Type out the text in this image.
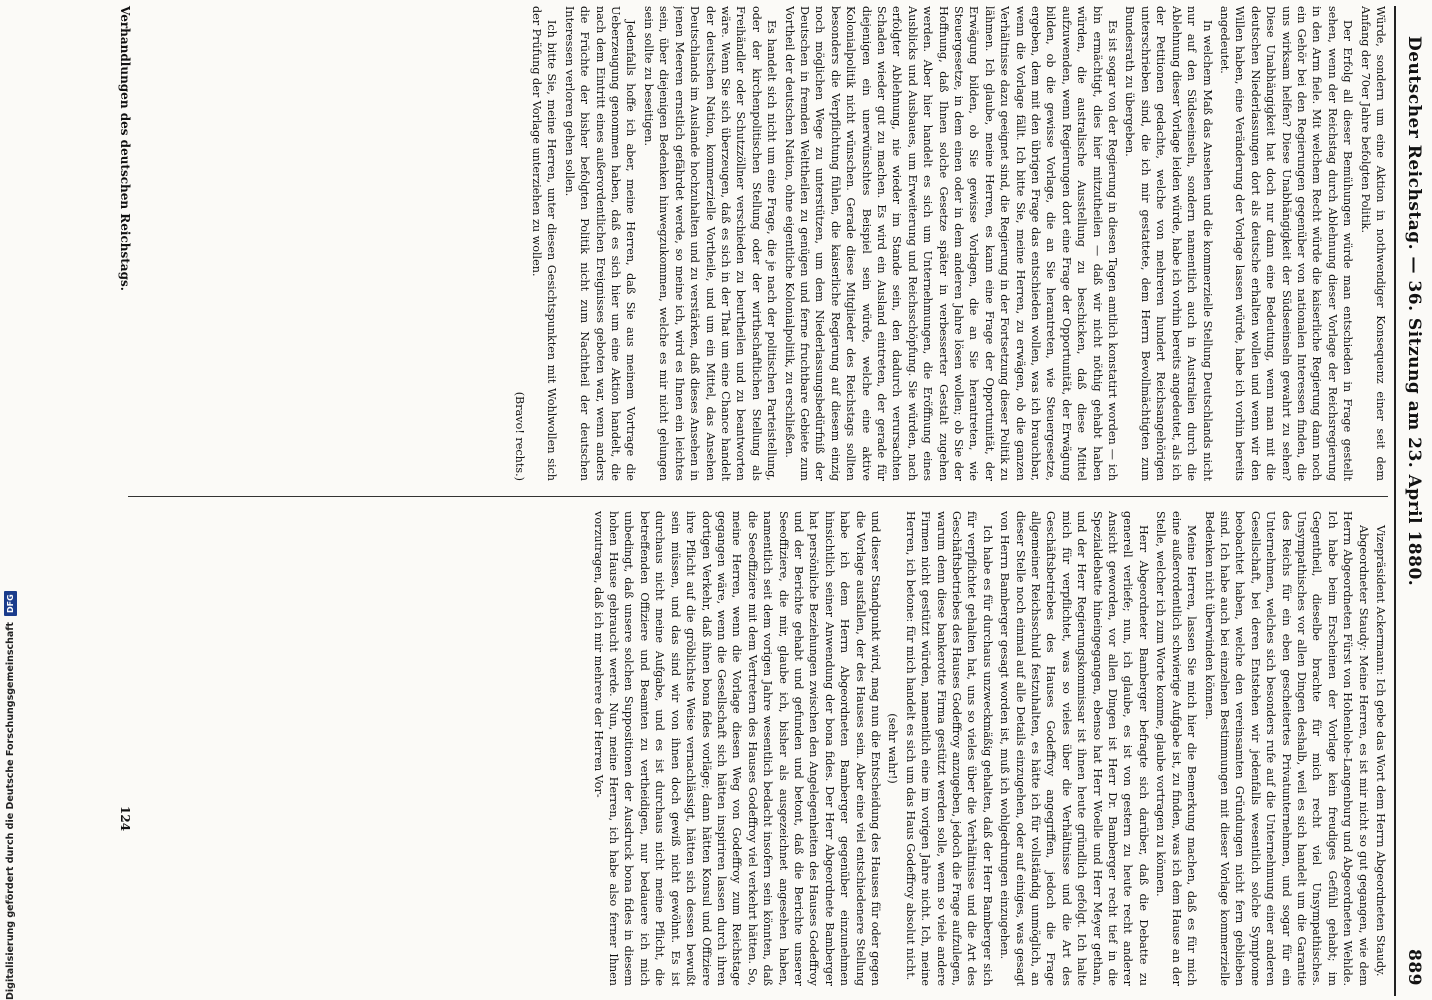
Deutscher Reichstag. — 36. Sitzung am 23. April 1880.
889

Würde, sondern um eine Aktion in nothwendiger Konsequenz einer seit dem Anfang der 70er Jahre befolgten Politik.

Der Erfolg all dieser Bemühungen würde man entschieden in Frage gestellt sehen, wenn der Reichstag durch Ablehnung dieser Vorlage der Reichsregierung in den Arm fiele. Mit welchem Recht würde die kaiserliche Regierung dann noch ein Gehör bei den Regierungen gegenüber von nationalen Interessen finden, die uns wirksam helfen? Diese Unabhängigkeit der Südseeinseln gewahrt zu sehen? Diese Unabhängigkeit hat doch nur dann eine Bedeutung, wenn man mit die deutschen Niederlassungen dort als deutsche erhalten wollen und wenn wir den Willen haben, eine Veränderung der Vorlage lassen würde, habe ich vorhin bereits angedeutet.

In welchem Maß das Ansehen und die kommerzielle Stellung Deutschlands nicht nur auf den Südseeinseln, sondern namentlich auch in Australien durch die Ablehnung dieser Vorlage leiden würde, habe ich vorhin bereits angedeutet, als ich der Petitionen gedachte, welche von mehreren hundert Reichsangehörigen unterschrieben sind, die ich mir gestattete, dem Herrn Bevollmächtigten zum Bundesrath zu übergeben.

Es ist sogar von der Regierung in diesen Tagen amtlich konstatirt worden — ich bin ermächtigt, dies hier mitzutheilen — daß wir nicht nöthig gehabt haben würden, die australische Ausstellung zu beschicken, daß diese Mittel aufzuwenden, wenn Regierungen dort eine Frage der Opportunität, der Erwägung bilden, ob die gewisse Vorlage, die an Sie herantreten, wie Steuergesetze, ergeben, dem mit den übrigen Frage das entschieden wollen, was ich brauchbar, wenn die Vorlage fällt. Ich bitte Sie, meine Herren, zu erwägen, ob die ganzen Verhältnisse dazu geeignet sind, die Regierung in der Fortsetzung dieser Politik zu lähmen. Ich glaube, meine Herren, es kann eine Frage der Opportunität, der Erwägung bilden, ob Sie gewisse Vorlagen, die an Sie herantreten, wie Steuergesetze, in dem einen oder in dem anderen Jahre lösen wollen; ob Sie der Hoffnung, daß Ihnen solche Gesetze später in verbesserter Gestalt zugehen werden. Aber hier handelt es sich um Unternehmungen, die Eröffnung eines Ausblicks und Ausbaues, um Erweiterung und Reichsschöpfung. Sie würden, nach erfolgter Ablehnung, nie wieder im Stande sein, den dadurch verursachten Schaden wieder gut zu machen. Es wird ein Ausland eintreten, der gerade für diejenigen ein unerwünschtes Beispiel sein würde, welche eine aktive Kolonialpolitik nicht wünschen. Gerade diese Mitglieder des Reichstags sollten besonders die Verpflichtung fühlen, die kaiserliche Regierung auf diesem einzig noch möglichen Wege zu unterstützen, um dem Niederlassungsbedürfniß der Deutschen in fremden Welttheilen zu genügen und ferne fruchtbare Gebiete zum Vortheil der deutschen Nation, ohne eigentliche Kolonialpolitik, zu erschließen.

Es handelt sich nicht um eine Frage, die je nach der politischen Parteistellung, oder der kirchenpolitischen Stellung oder der wirthschaftlichen Stellung als Freihändler oder Schutzzöllner verschieden zu beurtheilen und zu beantworten wäre. Wenn Sie sich überzeugen, daß es sich in der That um eine Chance handelt der deutschen Nation, kommerzielle Vortheile, und um ein Mittel, das Ansehen Deutschlands im Auslande hochzuhalten und zu verstärken, daß dieses Ansehen in jenen Meeren ernstlich gefährdet werde, so meine ich, wird es Ihnen ein leichtes sein, über diejenigen Bedenken hinwegzukommen, welche es mir nicht gelungen sein sollte zu beseitigen.

Jedenfalls hoffe ich aber, meine Herren, daß Sie aus meinem Vortrage die Ueberzeugung genommen haben, daß es sich hier um eine Aktion handelt, die nach dem Eintritt eines außerordentlichen Ereignisses geboten war, wenn anders die Früchte der bisher befolgten Politik nicht zum Nachtheil der deutschen Interessen verloren gehen sollen.

Ich bitte Sie, meine Herren, unter diesen Gesichtspunkten mit Wohlwollen sich der Prüfung der Vorlage unterziehen zu wollen.

(Bravo! rechts.)

Vizepräsident Ackermann: Ich gebe das Wort dem Herrn Abgeordneten Staudy.

Abgeordneter Staudy: Meine Herren, es ist mir nicht so gut gegangen, wie dem Herrn Abgeordneten Fürst von Hohenlohe-Langenburg und Abgeordneten Wehlde. Ich habe beim Erscheinen der Vorlage kein freudiges Gefühl gehabt; im Gegentheil, dieselbe brachte für mich recht viel Unsympathisches. Unsympathisches vor allen Dingen deshalb, weil es sich handelt um die Garantie des Reichs für ein eben gescheitertes Privatunternehmen, und sogar für ein Unternehmen, welches sich besonders rufe auf die Unternehmung einer anderen Gesellschaft, bei deren Entstehen wir jedenfalls wesentlich solche Symptome beobachtet haben, welche den vereinsamten Gründungen nicht fern geblieben sind. Ich habe auch bei einzelnen Bestimmungen mit dieser Vorlage kommerzielle Bedenken nicht überwinden können.

Meine Herren, lassen Sie mich hier die Bemerkung machen, daß es für mich eine außerordentlich schwierige Aufgabe ist, zu finden, was ich dem Hause an der Stelle, welcher ich zum Worte komme, glaube vortragen zu können.

Herr Abgeordneter Bamberger befragte sich darüber, daß die Debatte zu generell verliefe; nun, ich glaube, es ist von gestern zu heute recht anderer Ansicht geworden, vor allen Dingen ist Herr Dr. Bamberger recht tief in die Spezialdebatte hineingegangen, ebenso hat Herr Woelle und Herr Meyer gethan, und der Herr Regierungskommissar ist ihnen heute gründlich gefolgt. Ich halte mich für verpflichtet, was so vieles über die Verhältnisse und die Art des Geschäftsbetriebes des Hauses Godeffroy angegriffen, jedoch die Frage allgemeiner Reichsschuld festzuhalten, es hätte ich für vollständig unmöglich, an dieser Stelle noch einmal auf alle Details einzugehen, oder auf einiges, was gesagt von Herrn Bamberger gesagt worden ist, muß ich wohlgedrungen einzugehen.

Ich habe es für durchaus unzweckmäßig gehalten, daß der Herr Bamberger sich für verpflichtet gehalten hat, uns so vieles über die Verhältnisse und die Art des Geschäftsbetriebes des Hauses Godeffroy anzugeben, jedoch die Frage aufzulegen, warum denn diese bankerotte Firma gestützt werden solle, wenn so viele andere Firmen nicht gestützt würden, namentlich eine im vorigen Jahre nicht. Ich, meine Herren, ich betone: für mich handelt es sich um das Haus Godeffroy absolut nicht.

(sehr wahr!)

und dieser Standpunkt wird, mag nun die Entscheidung des Hauses für oder gegen die Vorlage ausfallen, der des Hauses sein. Aber eine viel entschiedenere Stellung habe ich dem Herrn Abgeordneten Bamberger gegenüber einzunehmen hinsichtlich seiner Anwendung der bona fides. Der Herr Abgeordnete Bamberger hat persönliche Beziehungen zwischen den Angelegenheiten des Hauses Godeffroy und der Berichte gehabt und gefunden und betont, daß die Berichte unserer Seeoffiziere, die mir, glaube ich, bisher als ausgezeichnet angesehen haben, namentlich seit dem vorigen Jahre wesentlich bedacht insofern sein könnten, daß die Seeoffiziere mit dem Vertretern des Hauses Godeffroy viel verkehrt hätten. So, meine Herren, wenn die Vorlage diesen Weg von Godeffroy zum Reichstage gegangen wäre, wenn die Gesellschaft sich hätten inspiriren lassen durch ihren dortigen Verkehr, daß ihnen bona fides vorläge; dann hätten Konsul und Offiziere ihre Pflicht auf die gröblichste Weise vernachlässigt, hätten sich dessen bewußt sein müssen, und das sind wir von ihnen doch gewiß nicht gewöhnt. Es ist durchaus nicht meine Aufgabe, und es ist durchaus nicht meine Pflicht, die betreffenden Offiziere und Beamten zu vertheidigen, nur bedauere ich mich unbedingt, daß unsere solchen Suppositionen der Ausdruck bona fides in diesem hohen Hause gebraucht werde. Nun, meine Herren, ich habe also ferner Ihnen vorzutragen, daß ich mir mehrere der Herren Vor-

Verhandlungen des deutschen Reichstags.
124
Digitalisierung gefördert durch die Deutsche Forschungsgemeinschaft
DFG
